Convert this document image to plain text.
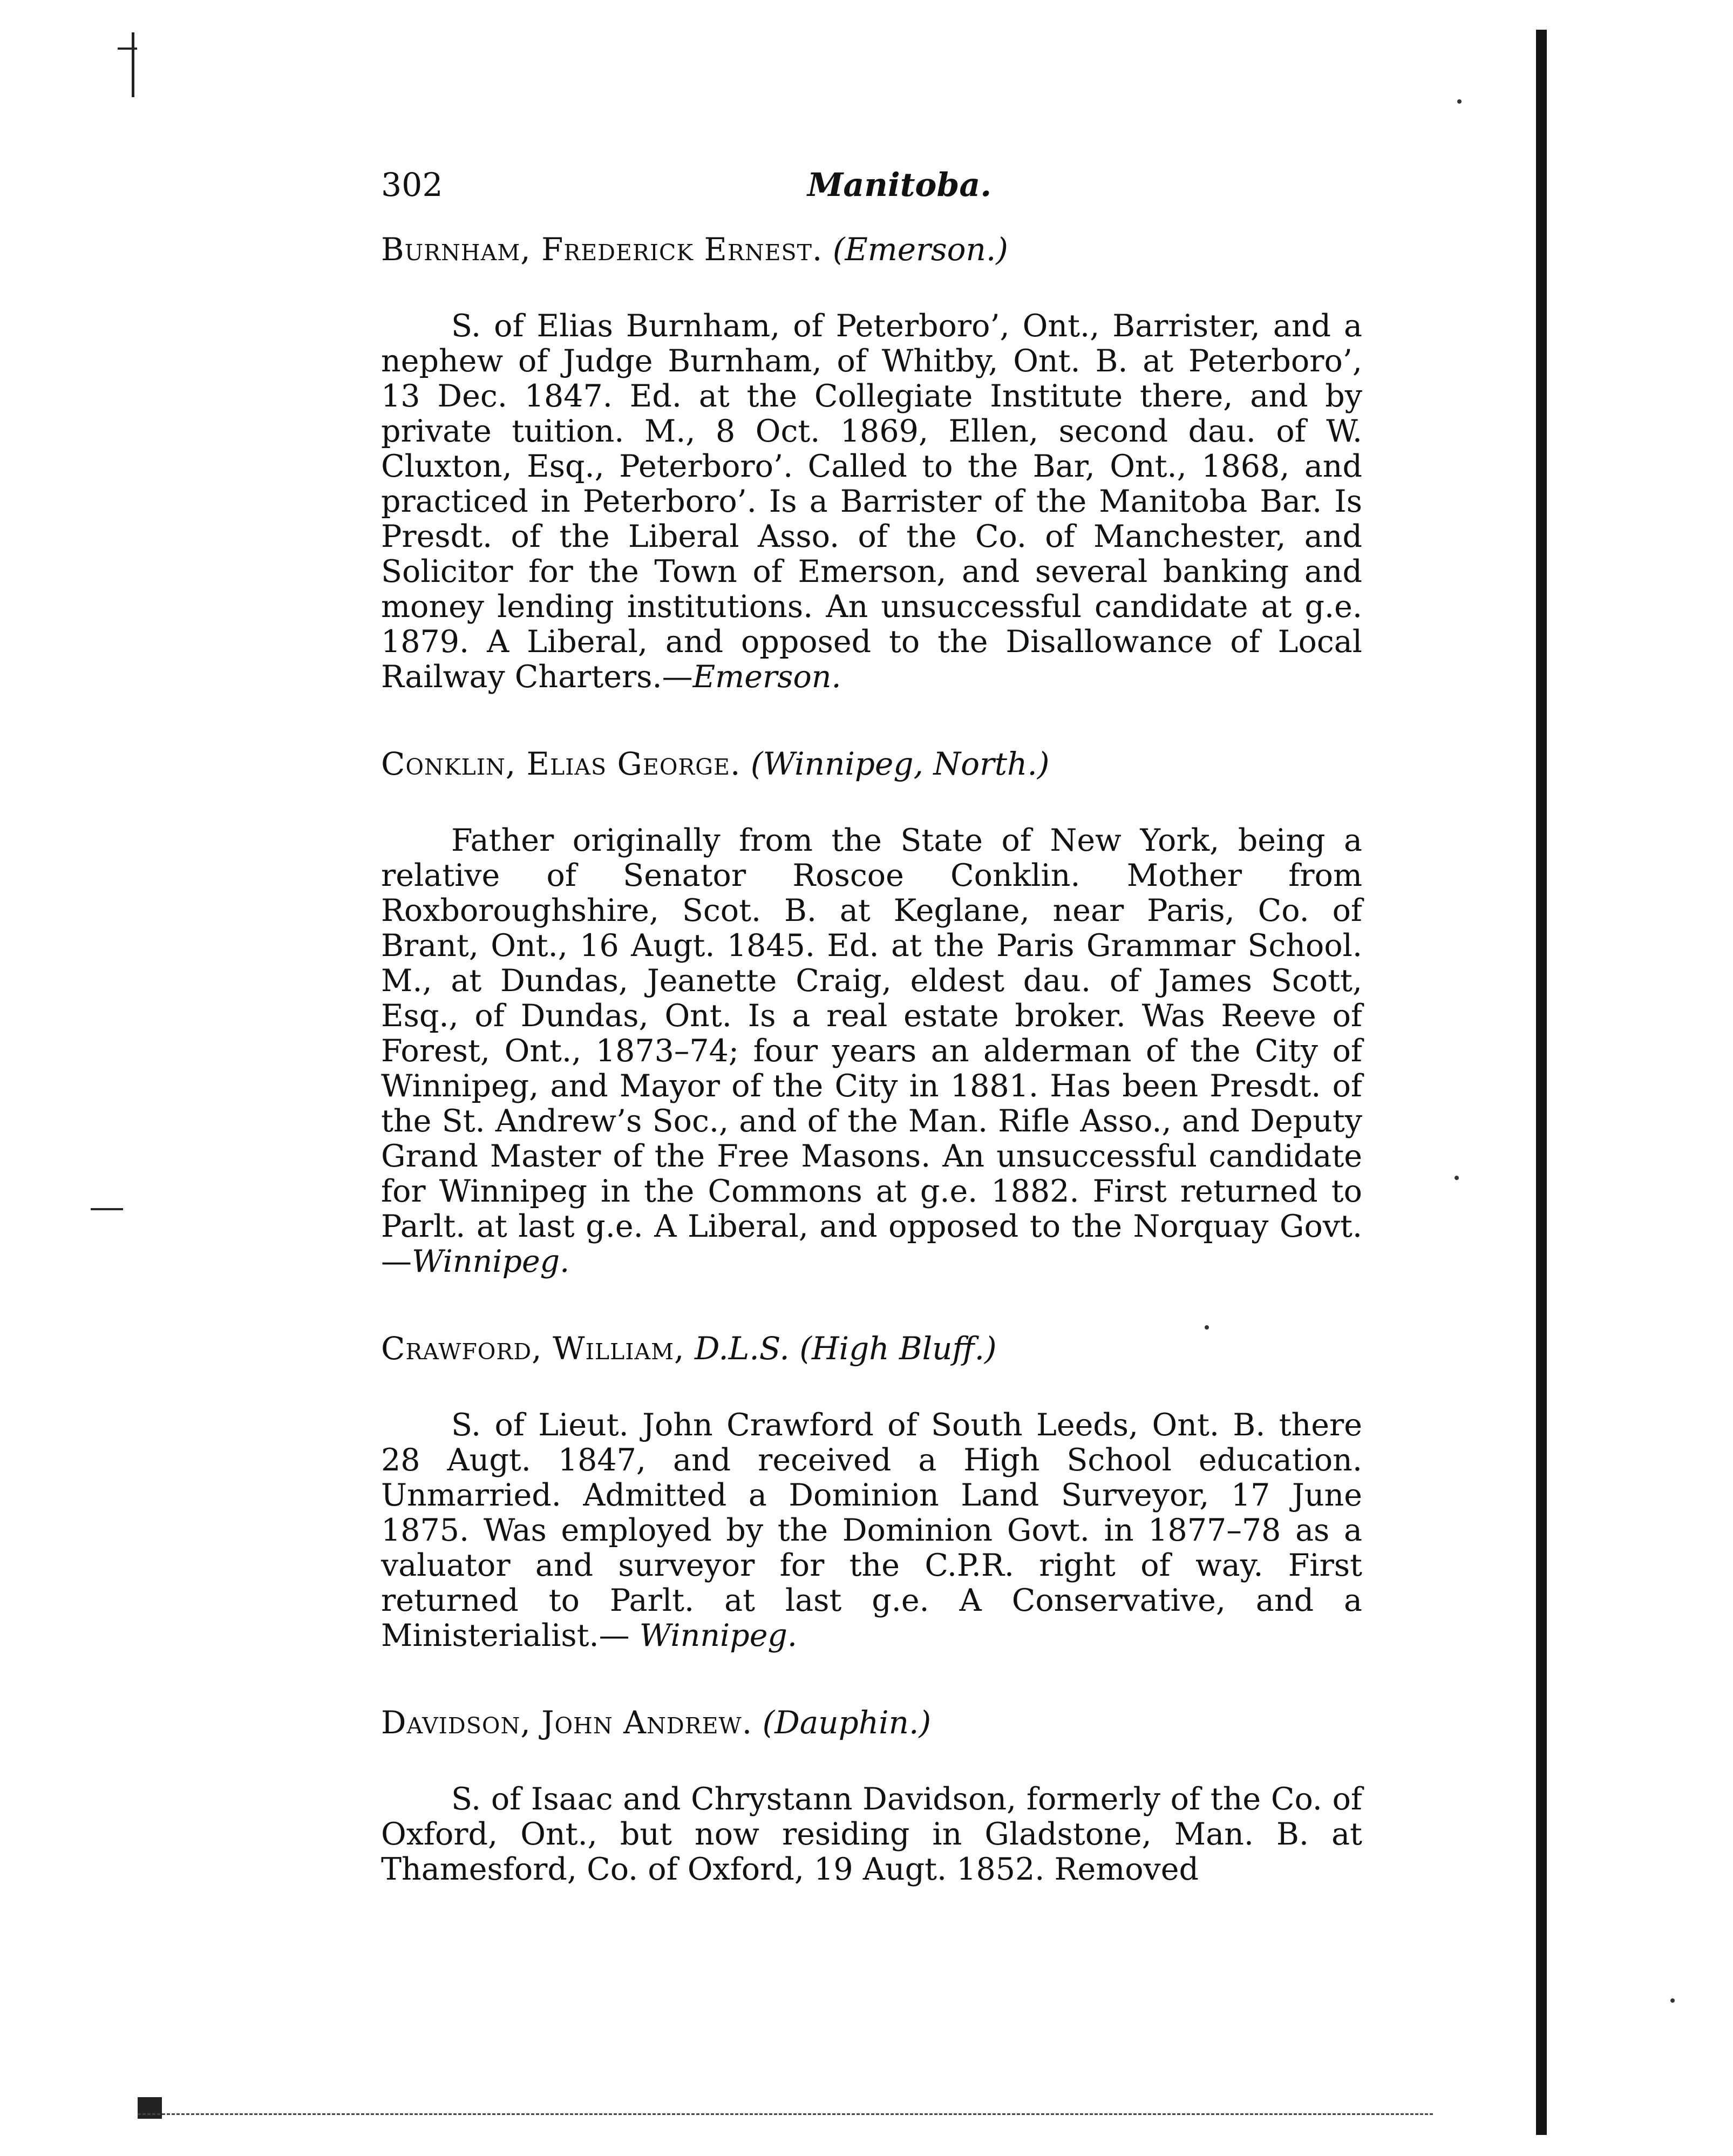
302	Manitoba.
Burnham, Frederick Ernest. (Emerson.)

S. of Elias Burnham, of Peterboro’, Ont., Barrister, and a nephew of Judge Burnham, of Whitby, Ont. B. at Peterboro’, 13 Dec. 1847. Ed. at the Collegiate Institute there, and by private tuition. M., 8 Oct. 1869, Ellen, second dau. of W. Cluxton, Esq., Peterboro’. Called to the Bar, Ont., 1868, and practiced in Peterboro’. Is a Barrister of the Manitoba Bar. Is Presdt. of the Liberal Asso. of the Co. of Manchester, and Solicitor for the Town of Emerson, and several banking and money lending institutions. An unsuccessful candidate at g.e. 1879. A Liberal, and opposed to the Disallowance of Local Railway Charters.—Emerson.

Conklin, Elias George. (Winnipeg, North.)

Father originally from the State of New York, being a relative of Senator Roscoe Conklin. Mother from Roxboroughshire, Scot. B. at Keglane, near Paris, Co. of Brant, Ont., 16 Augt. 1845. Ed. at the Paris Grammar School. M., at Dundas, Jeanette Craig, eldest dau. of James Scott, Esq., of Dundas, Ont. Is a real estate broker. Was Reeve of Forest, Ont., 1873–74; four years an alderman of the City of Winnipeg, and Mayor of the City in 1881. Has been Presdt. of the St. Andrew’s Soc., and of the Man. Rifle Asso., and Deputy Grand Master of the Free Masons. An unsuccessful candidate for Winnipeg in the Commons at g.e. 1882. First returned to Parlt. at last g.e. A Liberal, and opposed to the Norquay Govt.—Winnipeg.

Crawford, William, D.L.S. (High Bluff.)

S. of Lieut. John Crawford of South Leeds, Ont. B. there 28 Augt. 1847, and received a High School education. Unmarried. Admitted a Dominion Land Surveyor, 17 June 1875. Was employed by the Dominion Govt. in 1877–78 as a valuator and surveyor for the C.P.R. right of way. First returned to Parlt. at last g.e. A Conservative, and a Ministerialist.— Winnipeg.

Davidson, John Andrew. (Dauphin.)

S. of Isaac and Chrystann Davidson, formerly of the Co. of Oxford, Ont., but now residing in Gladstone, Man. B. at Thamesford, Co. of Oxford, 19 Augt. 1852. Removed
